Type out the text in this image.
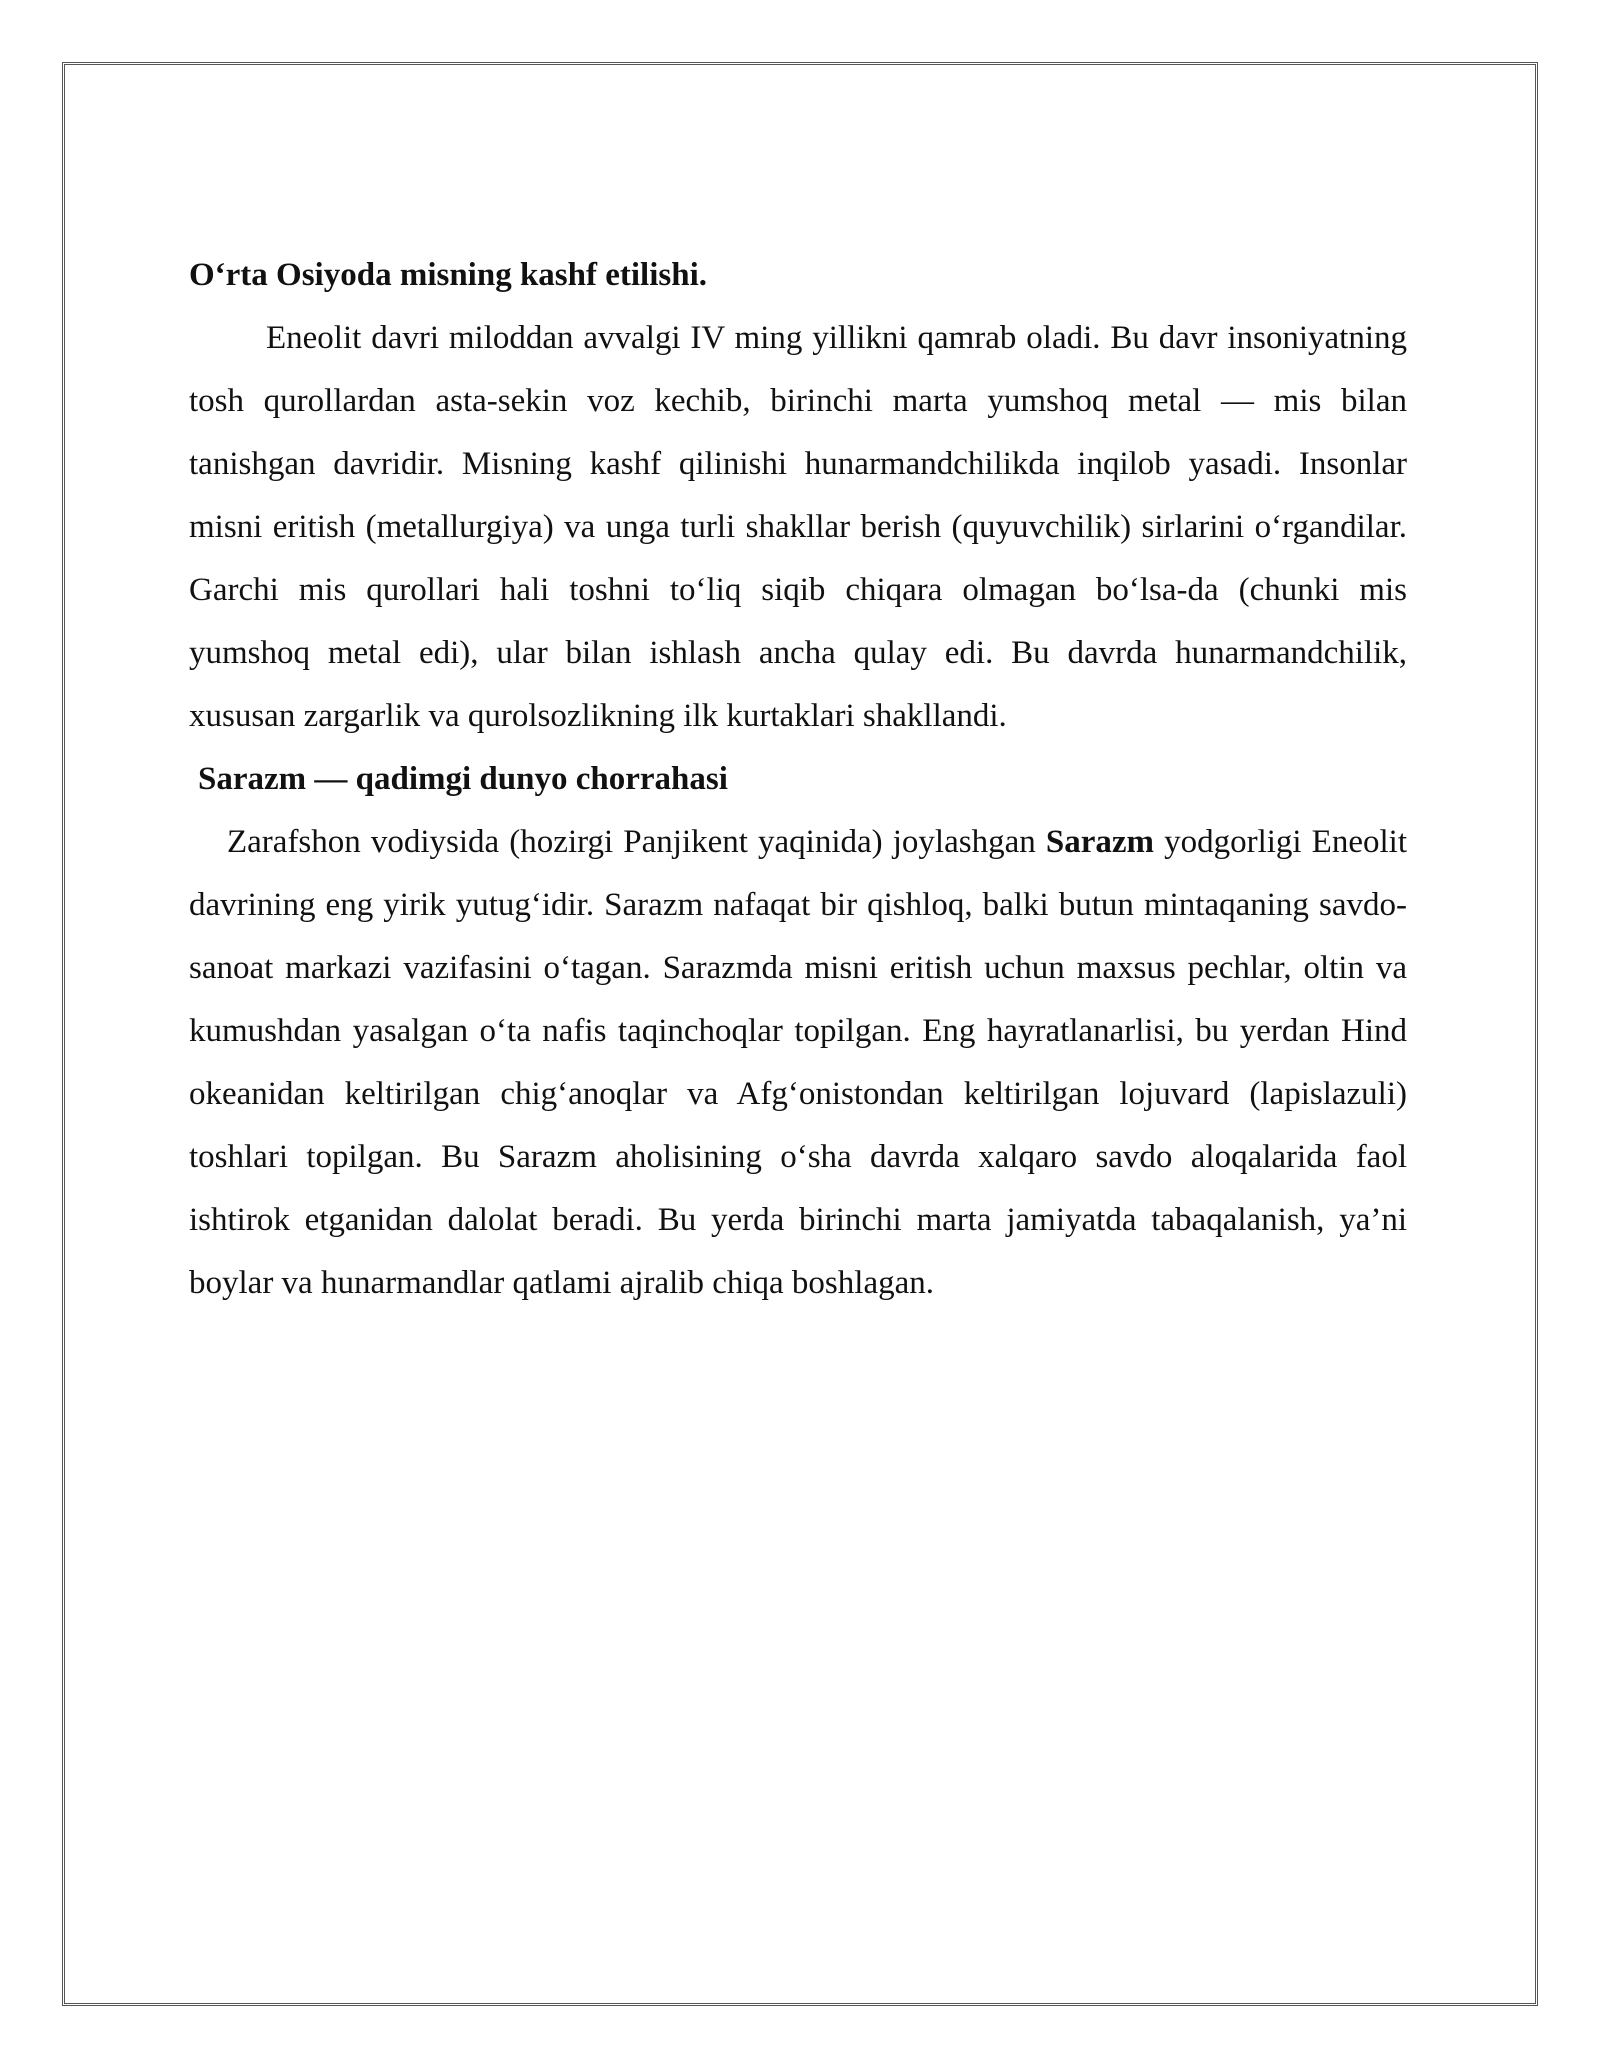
O‘rta Osiyoda misning kashf etilishi.

Eneolit davri miloddan avvalgi IV ming yillikni qamrab oladi. Bu davr insoniyatning tosh qurollardan asta-sekin voz kechib, birinchi marta yumshoq metal — mis bilan tanishgan davridir. Misning kashf qilinishi hunarmandchilikda inqilob yasadi. Insonlar misni eritish (metallurgiya) va unga turli shakllar berish (quyuvchilik) sirlarini o‘rgandilar. Garchi mis qurollari hali toshni to‘liq siqib chiqara olmagan bo‘lsa-da (chunki mis yumshoq metal edi), ular bilan ishlash ancha qulay edi. Bu davrda hunarmandchilik, xususan zargarlik va qurolsozlikning ilk kurtaklari shakllandi.

Sarazm — qadimgi dunyo chorrahasi

Zarafshon vodiysida (hozirgi Panjikent yaqinida) joylashgan Sarazm yodgorligi Eneolit davrining eng yirik yutug‘idir. Sarazm nafaqat bir qishloq, balki butun mintaqaning savdo-sanoat markazi vazifasini o‘tagan. Sarazmda misni eritish uchun maxsus pechlar, oltin va kumushdan yasalgan o‘ta nafis taqinchoqlar topilgan. Eng hayratlanarlisi, bu yerdan Hind okeanidan keltirilgan chig‘anoqlar va Afg‘onistondan keltirilgan lojuvard (lapislazuli) toshlari topilgan. Bu Sarazm aholisining o‘sha davrda xalqaro savdo aloqalarida faol ishtirok etganidan dalolat beradi. Bu yerda birinchi marta jamiyatda tabaqalanish, ya’ni boylar va hunarmandlar qatlami ajralib chiqa boshlagan.
